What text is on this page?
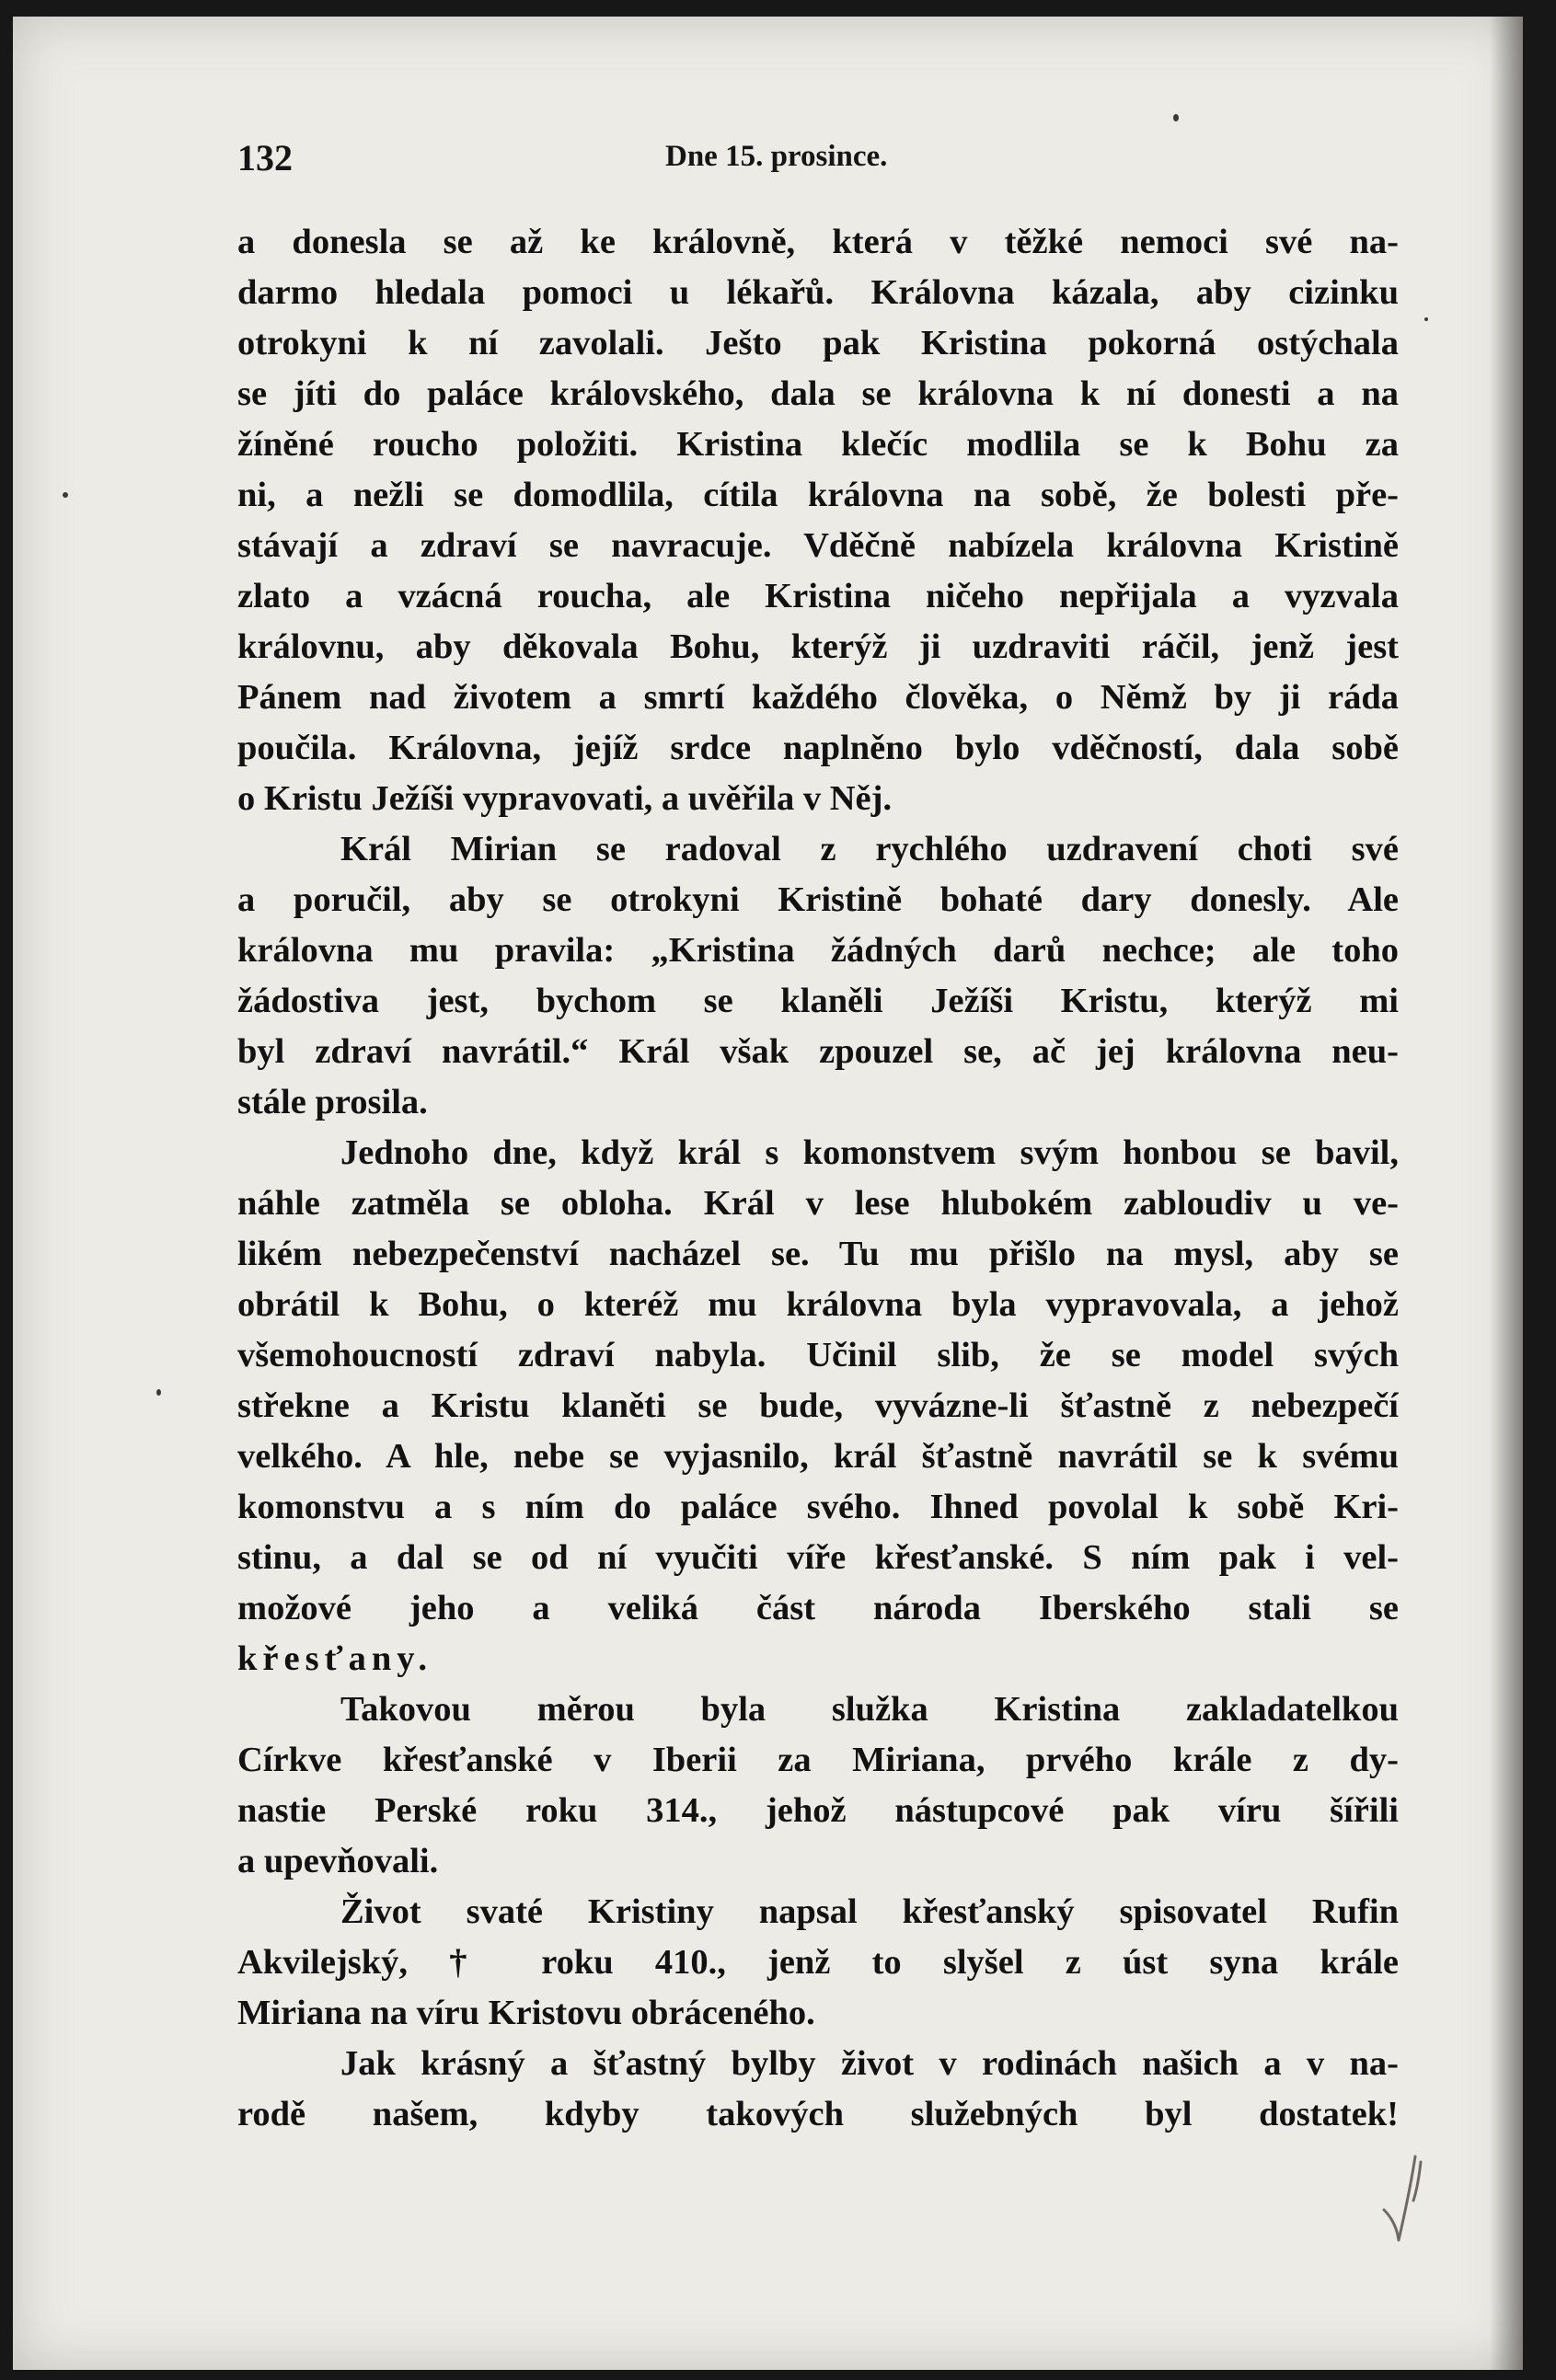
132	Dne 15. prosince.
a donesla se až ke královně, která v těžké nemoci své na-
darmo hledala pomoci u lékařů. Královna kázala, aby cizinku
otrokyni k ní zavolali. Ješto pak Kristina pokorná ostýchala
se jíti do paláce královského, dala se královna k ní donesti a na
žíněné roucho položiti. Kristina klečíc modlila se k Bohu za
ni, a nežli se domodlila, cítila královna na sobě, že bolesti pře-
stávají a zdraví se navracuje. Vděčně nabízela královna Kristině
zlato a vzácná roucha, ale Kristina ničeho nepřijala a vyzvala
královnu, aby děkovala Bohu, kterýž ji uzdraviti ráčil, jenž jest
Pánem nad životem a smrtí každého člověka, o Němž by ji ráda
poučila. Královna, jejíž srdce naplněno bylo vděčností, dala sobě
o Kristu Ježíši vypravovati, a uvěřila v Něj.
Král Mirian se radoval z rychlého uzdravení choti své
a poručil, aby se otrokyni Kristině bohaté dary donesly. Ale
královna mu pravila: „Kristina žádných darů nechce; ale toho
žádostiva jest, bychom se klaněli Ježíši Kristu, kterýž mi
byl zdraví navrátil.“ Král však zpouzel se, ač jej královna neu-
stále prosila.
Jednoho dne, když král s komonstvem svým honbou se bavil,
náhle zatměla se obloha. Král v lese hlubokém zabloudiv u ve-
likém nebezpečenství nacházel se. Tu mu přišlo na mysl, aby se
obrátil k Bohu, o kteréž mu královna byla vypravovala, a jehož
všemohoucností zdraví nabyla. Učinil slib, že se model svých
střekne a Kristu klaněti se bude, vyvázne-li šťastně z nebezpečí
velkého. A hle, nebe se vyjasnilo, král šťastně navrátil se k svému
komonstvu a s ním do paláce svého. Ihned povolal k sobě Kri-
stinu, a dal se od ní vyučiti víře křesťanské. S ním pak i vel-
možové jeho a veliká část národa Iberského stali se
křesťany.
Takovou měrou byla služka Kristina zakladatelkou
Církve křesťanské v Iberii za Miriana, prvého krále z dy-
nastie Perské roku 314., jehož nástupcové pak víru šířili
a upevňovali.
Život svaté Kristiny napsal křesťanský spisovatel Rufin
Akvilejský, † roku 410., jenž to slyšel z úst syna krále
Miriana na víru Kristovu obráceného.
Jak krásný a šťastný bylby život v rodinách našich a v na-
rodě našem, kdyby takových služebných byl dostatek!
